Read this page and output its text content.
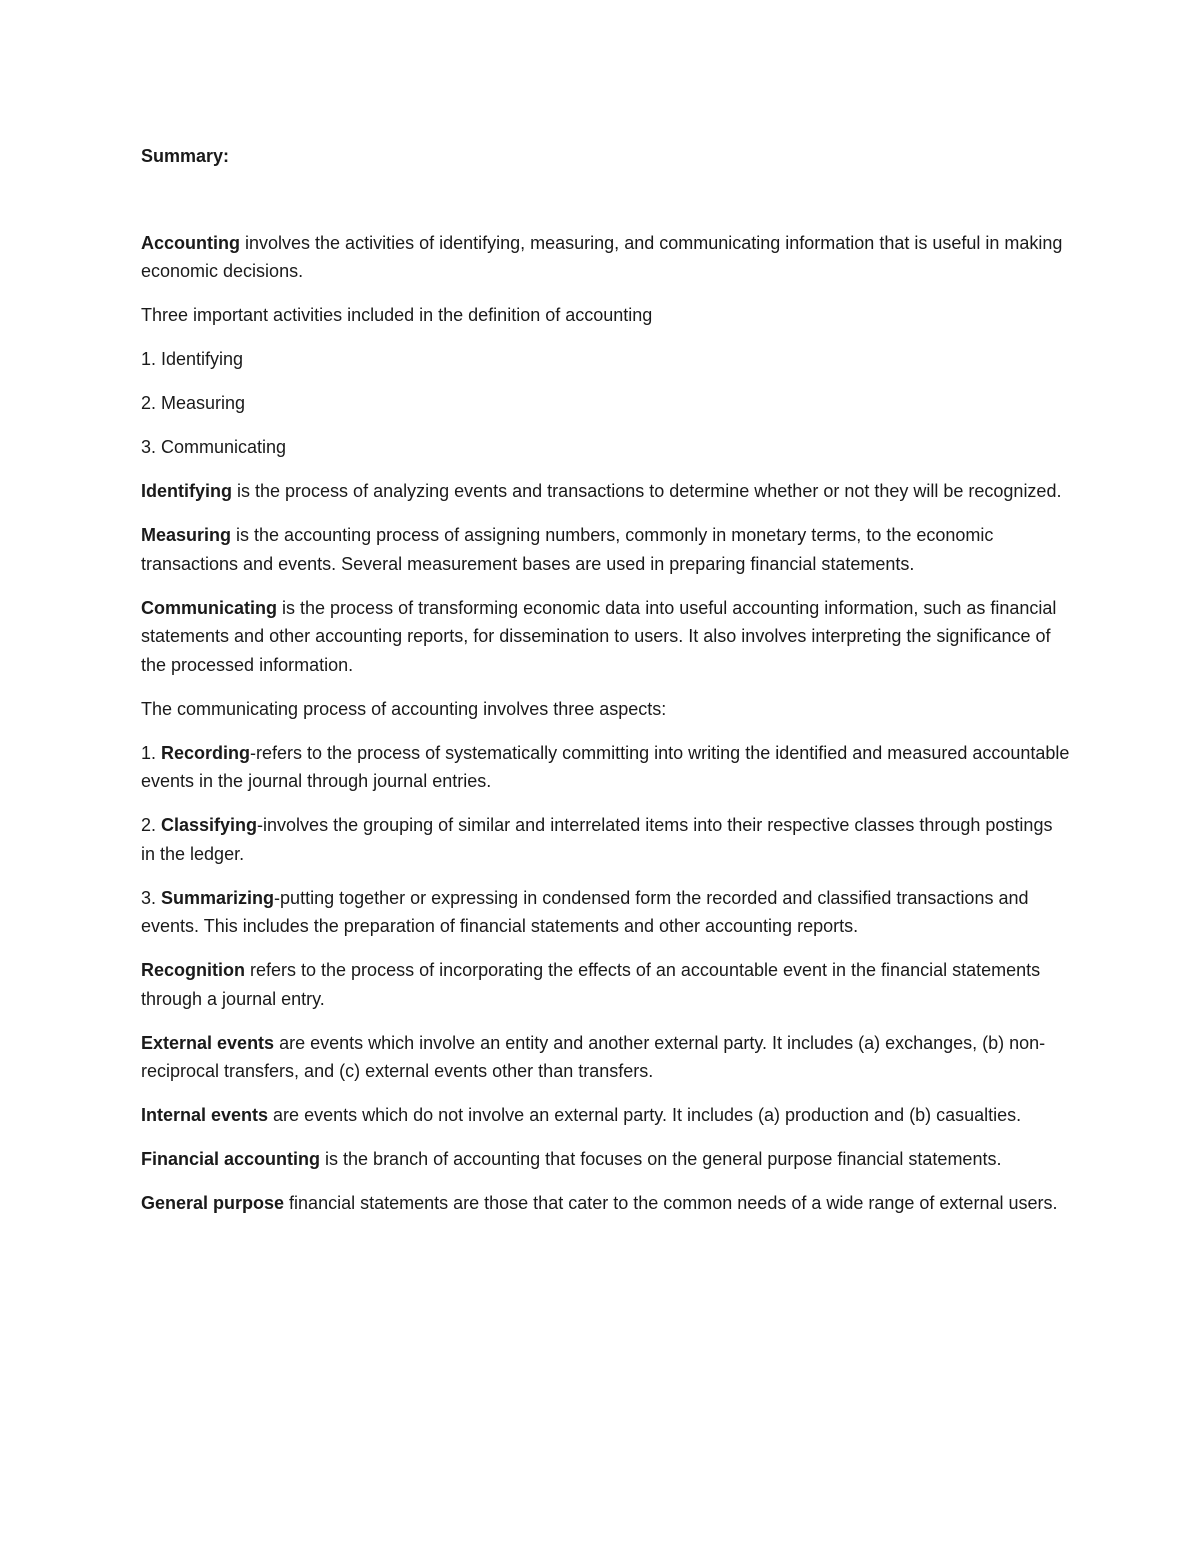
Summary:

Accounting involves the activities of identifying, measuring, and communicating information that is useful in making economic decisions.

Three important activities included in the definition of accounting

1. Identifying

2. Measuring

3. Communicating

Identifying is the process of analyzing events and transactions to determine whether or not they will be recognized.

Measuring is the accounting process of assigning numbers, commonly in monetary terms, to the economic transactions and events. Several measurement bases are used in preparing financial statements.

Communicating is the process of transforming economic data into useful accounting information, such as financial statements and other accounting reports, for dissemination to users. It also involves interpreting the significance of the processed information.

The communicating process of accounting involves three aspects:

1. Recording-refers to the process of systematically committing into writing the identified and measured accountable events in the journal through journal entries.

2. Classifying-involves the grouping of similar and interrelated items into their respective classes through postings in the ledger.

3. Summarizing-putting together or expressing in condensed form the recorded and classified transactions and events. This includes the preparation of financial statements and other accounting reports.

Recognition refers to the process of incorporating the effects of an accountable event in the financial statements through a journal entry.

External events are events which involve an entity and another external party. It includes (a) exchanges, (b) non-reciprocal transfers, and (c) external events other than transfers.

Internal events are events which do not involve an external party. It includes (a) production and (b) casualties.

Financial accounting is the branch of accounting that focuses on the general purpose financial statements.

General purpose financial statements are those that cater to the common needs of a wide range of external users.
